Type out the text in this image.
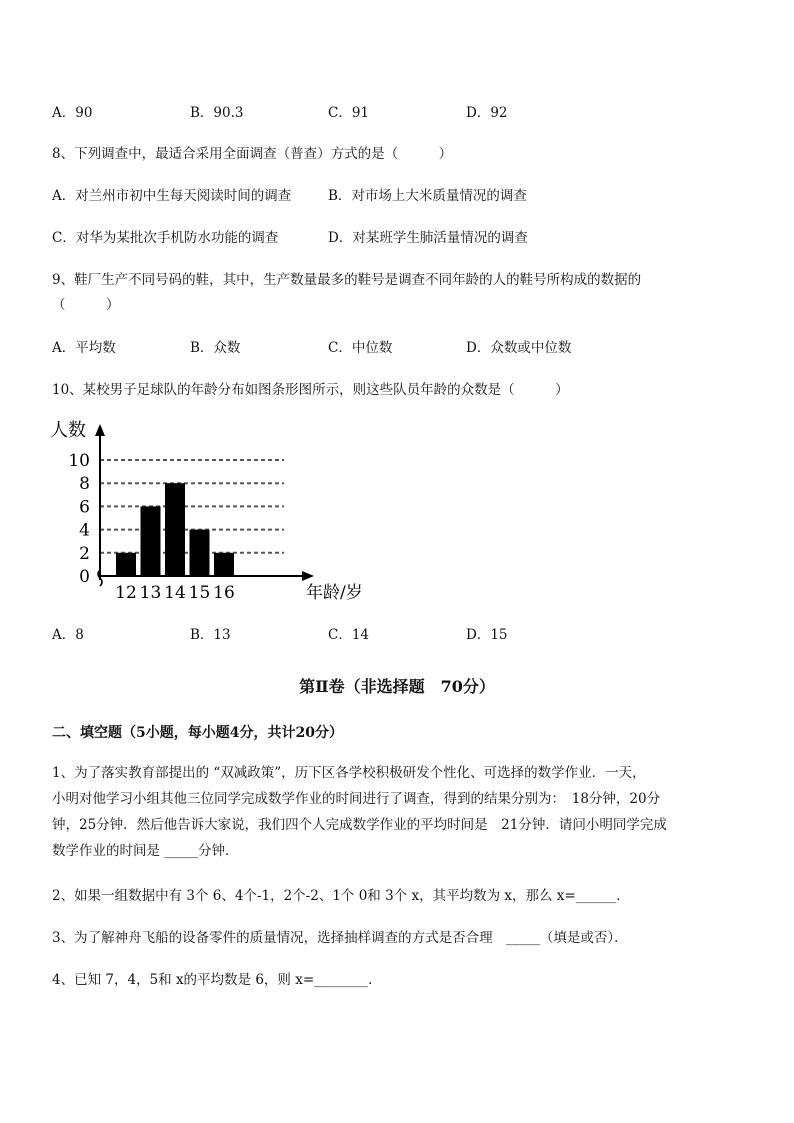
A．90	B．90.3	C．91	D．92
8、下列调查中，最适合采用全面调查（普查）方式的是（　　　）
A．对兰州市初中生每天阅读时间的调查	B．对市场上大米质量情况的调查
C．对华为某批次手机防水功能的调查	D．对某班学生肺活量情况的调查
9、鞋厂生产不同号码的鞋，其中，生产数量最多的鞋号是调查不同年龄的人的鞋号所构成的数据的
（　　　）
A．平均数	B．众数	C．中位数	D．众数或中位数
10、某校男子足球队的年龄分布如图条形图所示，则这些队员年龄的众数是（　　　）
人数
年龄/岁
0
2
4
6
8
10
12 13 14 15 16
A．8	B．13	C．14	D．15
第Ⅱ卷（非选择题　70分）
二、填空题（5小题，每小题4分，共计20分）
1、为了落实教育部提出的 “双减政策”，历下区各学校积极研发个性化、可选择的数学作业．一天，
小明对他学习小组其他三位同学完成数学作业的时间进行了调查，得到的结果分别为：　18分钟，20分
钟，25分钟．然后他告诉大家说，我们四个人完成数学作业的平均时间是　21分钟．请问小明同学完成
数学作业的时间是 _____分钟．
2、如果一组数据中有 3个 6、4个-1，2个-2、1个 0和 3个 x，其平均数为 x，那么 x=______．
3、为了解神舟飞船的设备零件的质量情况，选择抽样调查的方式是否合理　_____（填是或否）．
4、已知 7，4，5和 x的平均数是 6，则 x=________．
